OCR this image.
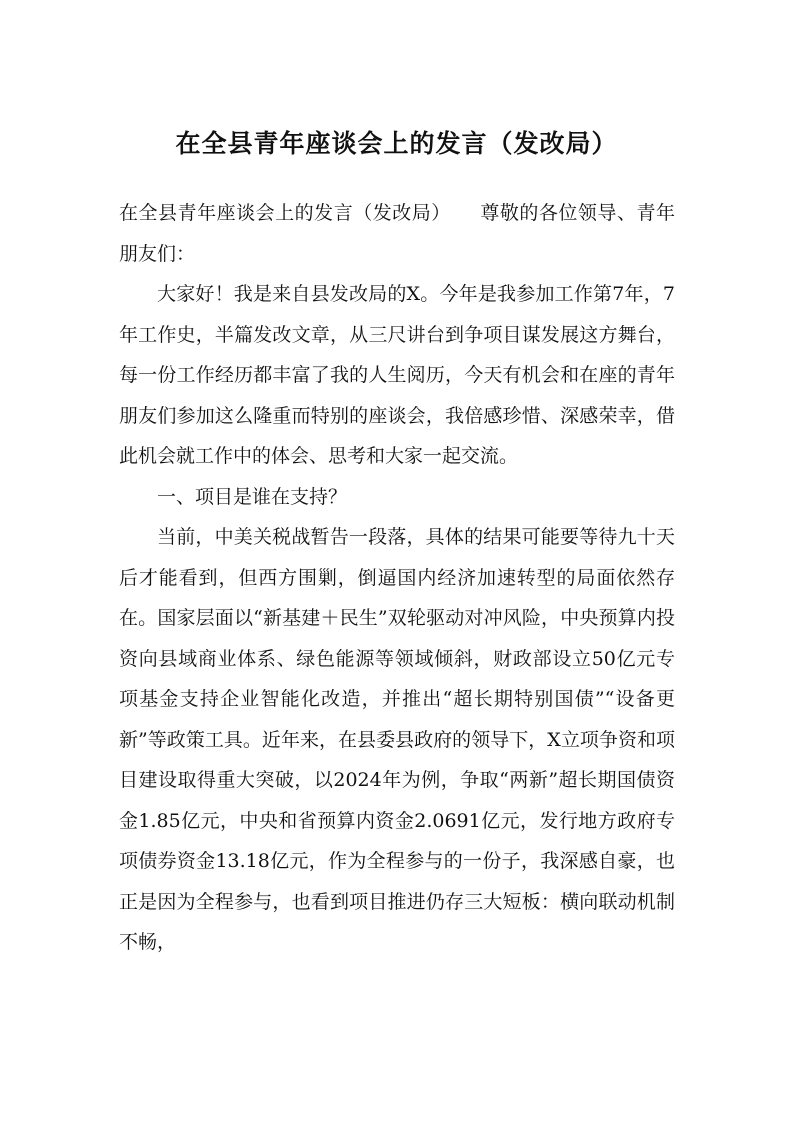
在全县青年座谈会上的发言（发改局）

在全县青年座谈会上的发言（发改局）　　尊敬的各位领导、青年朋友们：

大家好！我是来自县发改局的X。今年是我参加工作第7年，7年工作史，半篇发改文章，从三尺讲台到争项目谋发展这方舞台，每一份工作经历都丰富了我的人生阅历，今天有机会和在座的青年朋友们参加这么隆重而特别的座谈会，我倍感珍惜、深感荣幸，借此机会就工作中的体会、思考和大家一起交流。

一、项目是谁在支持？

当前，中美关税战暂告一段落，具体的结果可能要等待九十天后才能看到，但西方围剿，倒逼国内经济加速转型的局面依然存在。国家层面以“新基建＋民生”双轮驱动对冲风险，中央预算内投资向县域商业体系、绿色能源等领域倾斜，财政部设立50亿元专项基金支持企业智能化改造，并推出“超长期特别国债”“设备更新”等政策工具。近年来，在县委县政府的领导下，X立项争资和项目建设取得重大突破，以2024年为例，争取“两新”超长期国债资金1.85亿元，中央和省预算内资金2.0691亿元，发行地方政府专项债券资金13.18亿元，作为全程参与的一份子，我深感自豪，也正是因为全程参与，也看到项目推进仍存三大短板：横向联动机制不畅，
